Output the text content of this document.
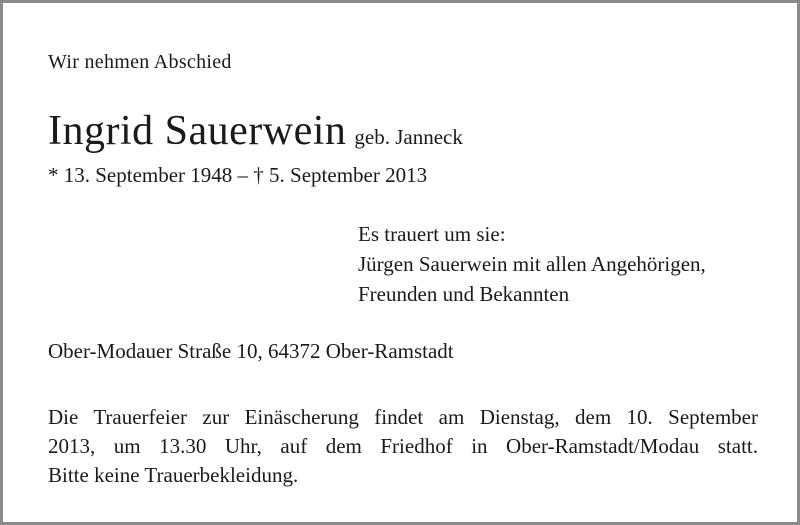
Wir nehmen Abschied
Ingrid Sauerwein geb. Janneck
* 13. September 1948 – † 5. September 2013
Es trauert um sie:
Jürgen Sauerwein mit allen Angehörigen,
Freunden und Bekannten
Ober-Modauer Straße 10, 64372 Ober-Ramstadt
Die Trauerfeier zur Einäscherung findet am Dienstag, dem 10. September
2013, um 13.30 Uhr, auf dem Friedhof in Ober-Ramstadt/Modau statt.
Bitte keine Trauerbekleidung.
